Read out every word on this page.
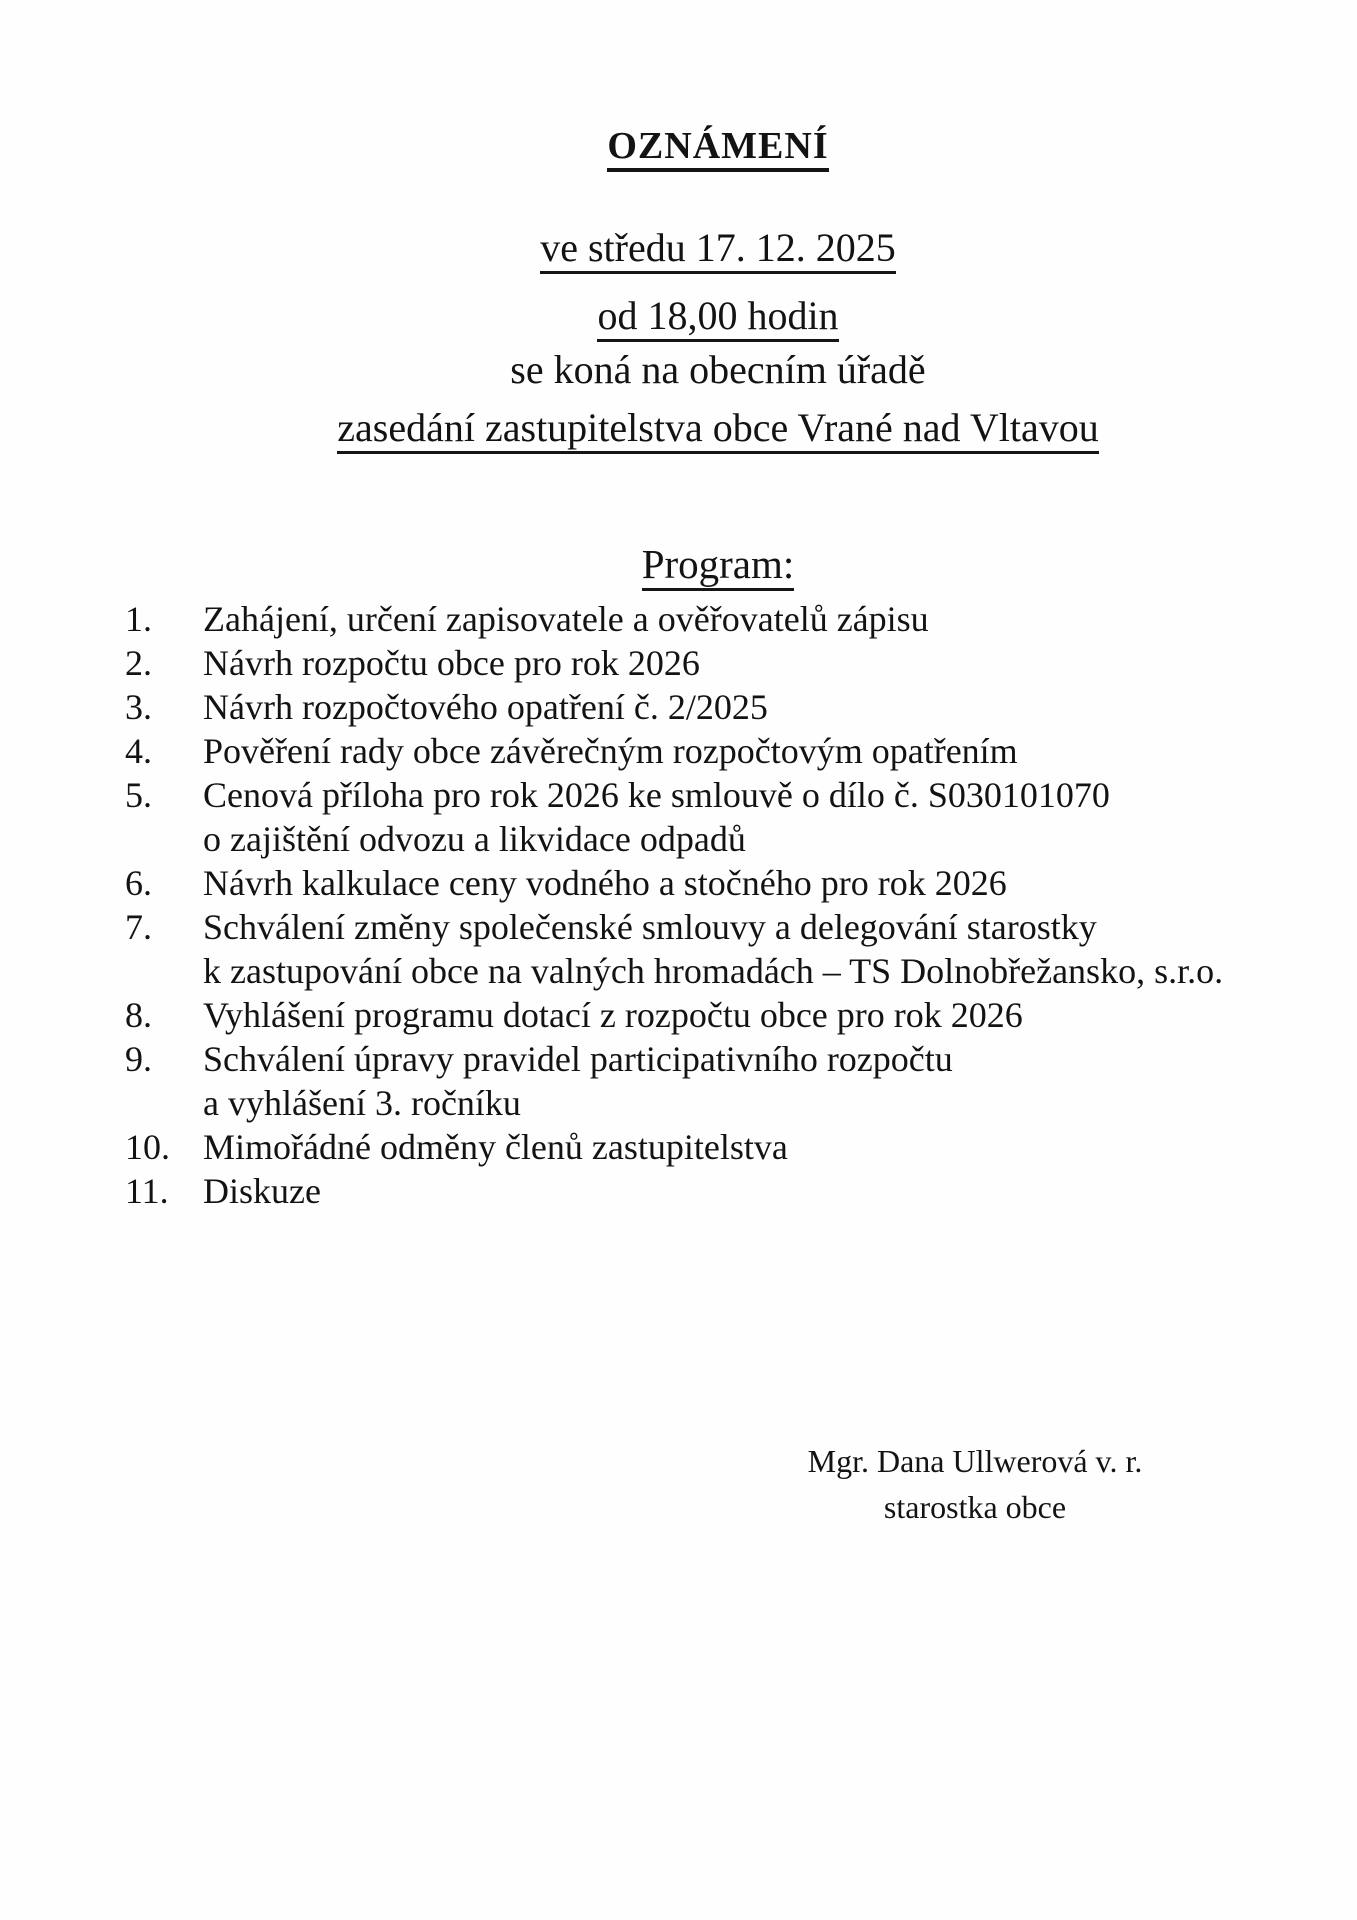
OZNÁMENÍ
ve středu 17. 12. 2025
od 18,00 hodin
se koná na obecním úřadě
zasedání zastupitelstva obce Vrané nad Vltavou
Program:
1.	Zahájení, určení zapisovatele a ověřovatelů zápisu
2.	Návrh rozpočtu obce pro rok 2026
3.	Návrh rozpočtového opatření č. 2/2025
4.	Pověření rady obce závěrečným rozpočtovým opatřením
5.	Cenová příloha pro rok 2026 ke smlouvě o dílo č. S030101070
o zajištění odvozu a likvidace odpadů
6.	Návrh kalkulace ceny vodného a stočného pro rok 2026
7.	Schválení změny společenské smlouvy a delegování starostky
k zastupování obce na valných hromadách – TS Dolnobřežansko, s.r.o.
8.	Vyhlášení programu dotací z rozpočtu obce pro rok 2026
9.	Schválení úpravy pravidel participativního rozpočtu
a vyhlášení 3. ročníku
10. Mimořádné odměny členů zastupitelstva
11. Diskuze
Mgr. Dana Ullwerová v. r.
starostka obce
